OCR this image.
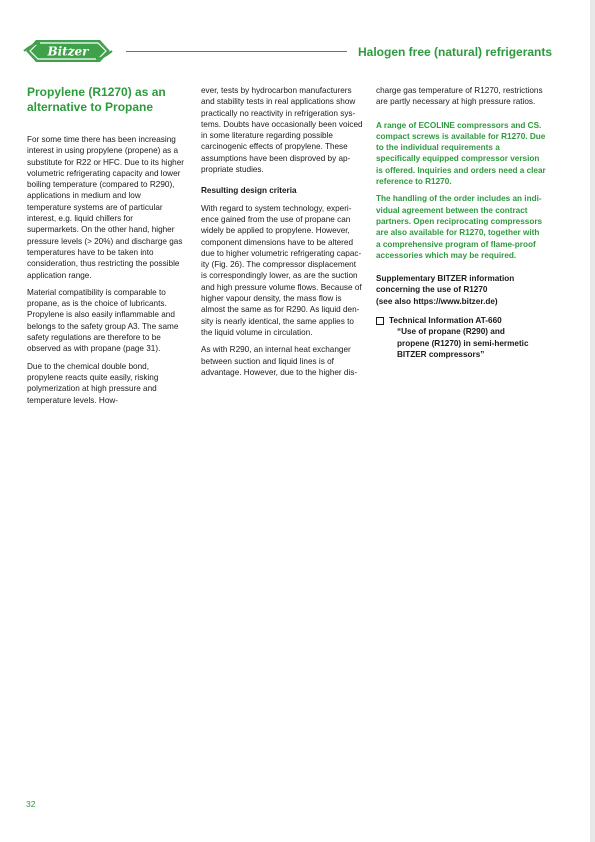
Bitzer	Halogen free (natural) refrigerants
Propylene (R1270) as an
alternative to Propane

For some time there has been increasing interest in using propylene (propene) as a substitute for R22 or HFC. Due to its higher volumetric refrigerating capacity and lower boiling temperature (compared to R290), applications in medium and low temperature systems are of particular interest, e.g. liquid chillers for supermarkets. On the other hand, higher pressure levels (> 20%) and discharge gas temperatures have to be taken into consideration, thus restricting the possible application range.

Material compatibility is comparable to propane, as is the choice of lubricants. Propylene is also easily inflammable and belongs to the safety group A3. The same safety regulations are therefore to be observed as with propane (page 31).

Due to the chemical double bond, propylene reacts quite easily, risking polymerization at high pressure and temperature levels. How-

ever, tests by hydrocarbon manufacturers and stability tests in real applications show practically no reactivity in refrigeration sys-tems. Doubts have occasionally been voiced in some literature regarding possible carcinogenic effects of propylene. These assumptions have been disproved by ap-propriate studies.

Resulting design criteria

With regard to system technology, experi-ence gained from the use of propane can widely be applied to propylene. However, component dimensions have to be altered due to higher volumetric refrigerating capac-ity (Fig. 26). The compressor displacement is correspondingly lower, as are the suction and high pressure volume flows. Because of higher vapour density, the mass flow is almost the same as for R290. As liquid den-sity is nearly identical, the same applies to the liquid volume in circulation.

As with R290, an internal heat exchanger between suction and liquid lines is of advantage. However, due to the higher dis-

charge gas temperature of R1270, restrictions are partly necessary at high pressure ratios.

A range of ECOLINE compressors and CS. compact screws is available for R1270. Due to the individual requirements a specifically equipped compressor version is offered. Inquiries and orders need a clear reference to R1270.

The handling of the order includes an indi-vidual agreement between the contract partners. Open reciprocating compressors are also available for R1270, together with a comprehensive program of flame-proof accessories which may be required.

Supplementary BITZER information
concerning the use of R1270
(see also https://www.bitzer.de)
Technical Information AT-660
“Use of propane (R290) and
propene (R1270) in semi-hermetic
BITZER compressors”
32
